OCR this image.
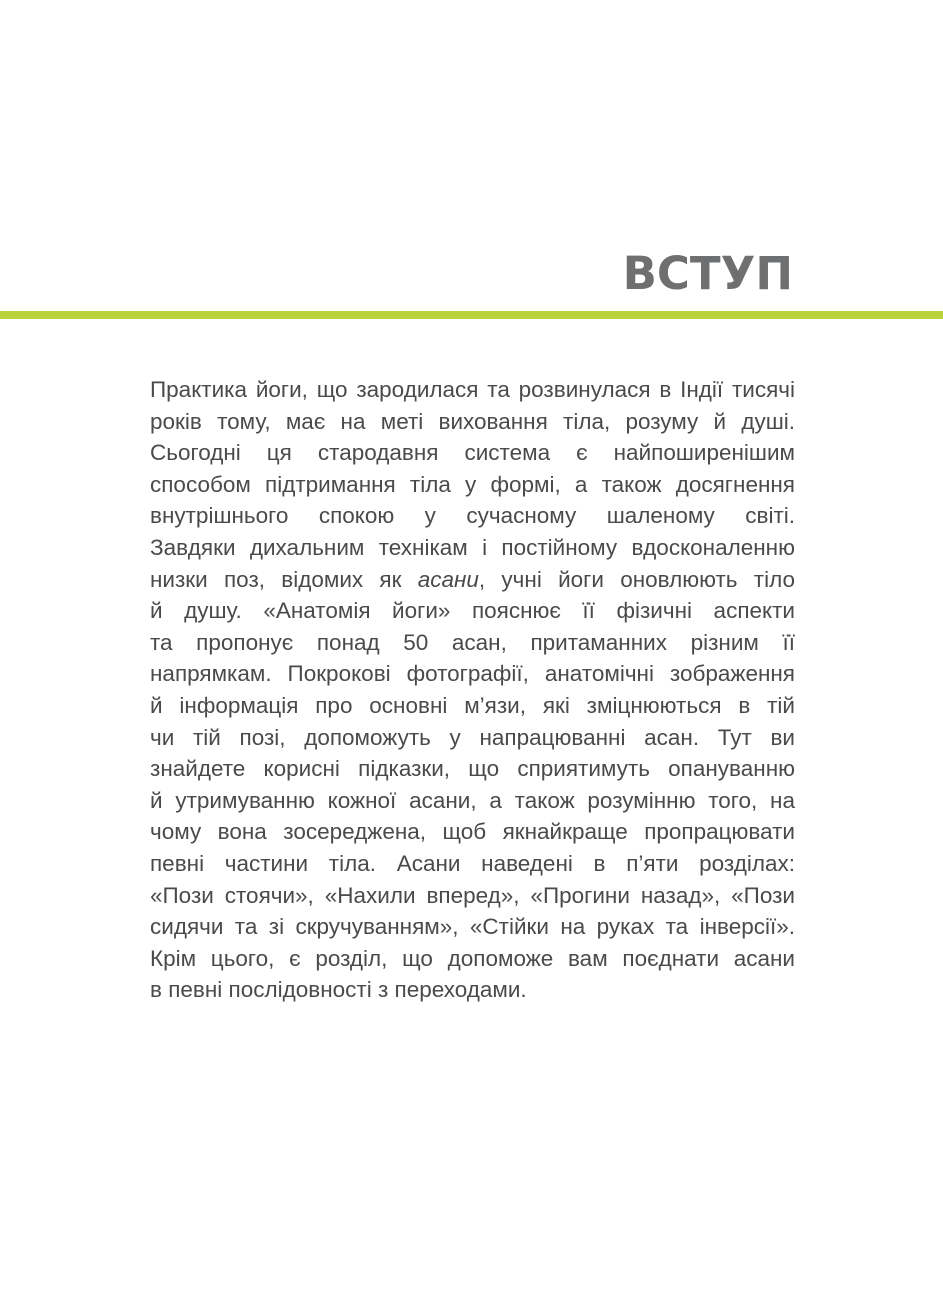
ВСТУП
Практика йоги, що зародилася та розвинулася в Індії тисячі
років тому, має на меті виховання тіла, розуму й душі.
Сьогодні ця стародавня система є найпоширенішим
способом підтримання тіла у формі, а також досягнення
внутрішнього спокою у сучасному шаленому світі.
Завдяки дихальним технікам і постійному вдосконаленню
низки поз, відомих як асани, учні йоги оновлюють тіло
й душу. «Анатомія йоги» пояснює її фізичні аспекти
та пропонує понад 50 асан, притаманних різним її
напрямкам. Покрокові фотографії, анатомічні зображення
й інформація про основні м’язи, які зміцнюються в тій
чи тій позі, допоможуть у напрацюванні асан. Тут ви
знайдете корисні підказки, що сприятимуть опануванню
й утримуванню кожної асани, а також розумінню того, на
чому вона зосереджена, щоб якнайкраще пропрацювати
певні частини тіла. Асани наведені в п’яти розділах:
«Пози стоячи», «Нахили вперед», «Прогини назад», «Пози
сидячи та зі скручуванням», «Стійки на руках та інверсії».
Крім цього, є розділ, що допоможе вам поєднати асани
в певні послідовності з переходами.
